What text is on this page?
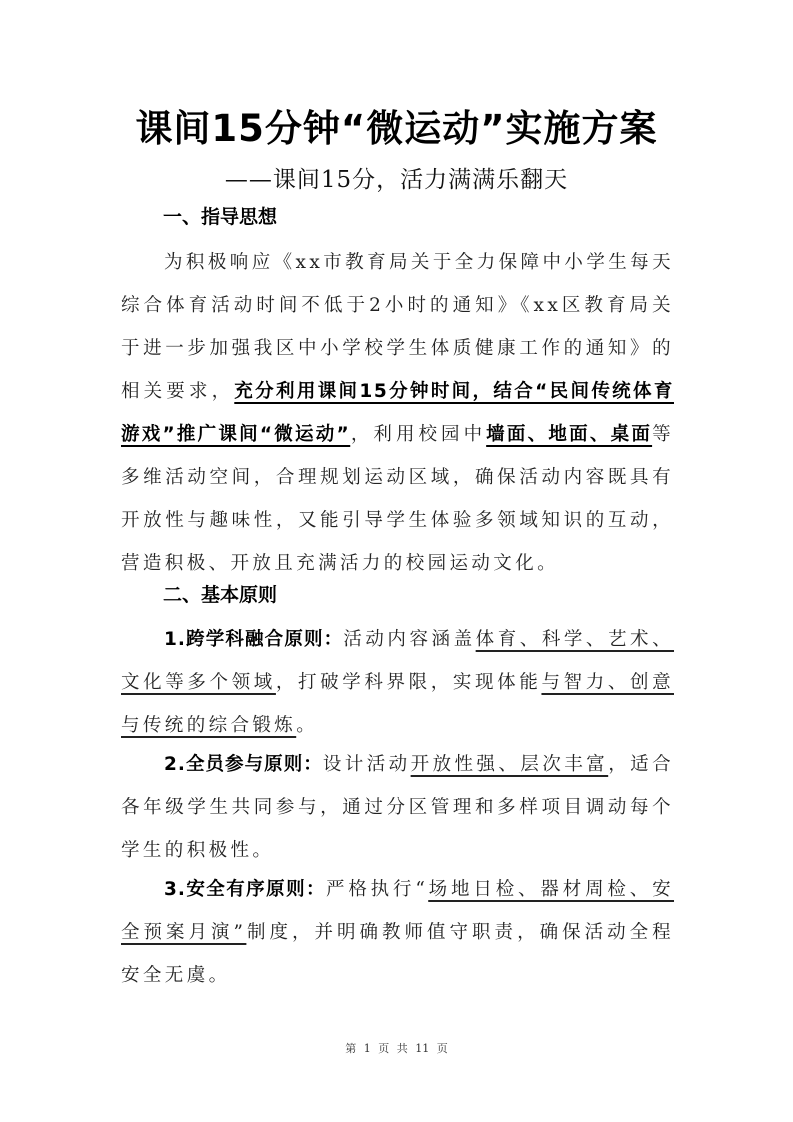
课间15分钟“微运动”实施方案
——课间15分，活力满满乐翻天
一、指导思想
为积极响应《xx市教育局关于全力保障中小学生每天综合体育活动时间不低于2小时的通知》《xx区教育局关于进一步加强我区中小学校学生体质健康工作的通知》的相关要求，充分利用课间15分钟时间，结合“民间传统体育游戏”推广课间“微运动”，利用校园中墙面、地面、桌面等多维活动空间，合理规划运动区域，确保活动内容既具有开放性与趣味性，又能引导学生体验多领域知识的互动，营造积极、开放且充满活力的校园运动文化。
二、基本原则
1.跨学科融合原则：活动内容涵盖体育、科学、艺术、文化等多个领域，打破学科界限，实现体能与智力、创意与传统的综合锻炼。
2.全员参与原则：设计活动开放性强、层次丰富，适合各年级学生共同参与，通过分区管理和多样项目调动每个学生的积极性。
3.安全有序原则：严格执行“场地日检、器材周检、安全预案月演”制度，并明确教师值守职责，确保活动全程安全无虞。
第 1 页 共 11 页
